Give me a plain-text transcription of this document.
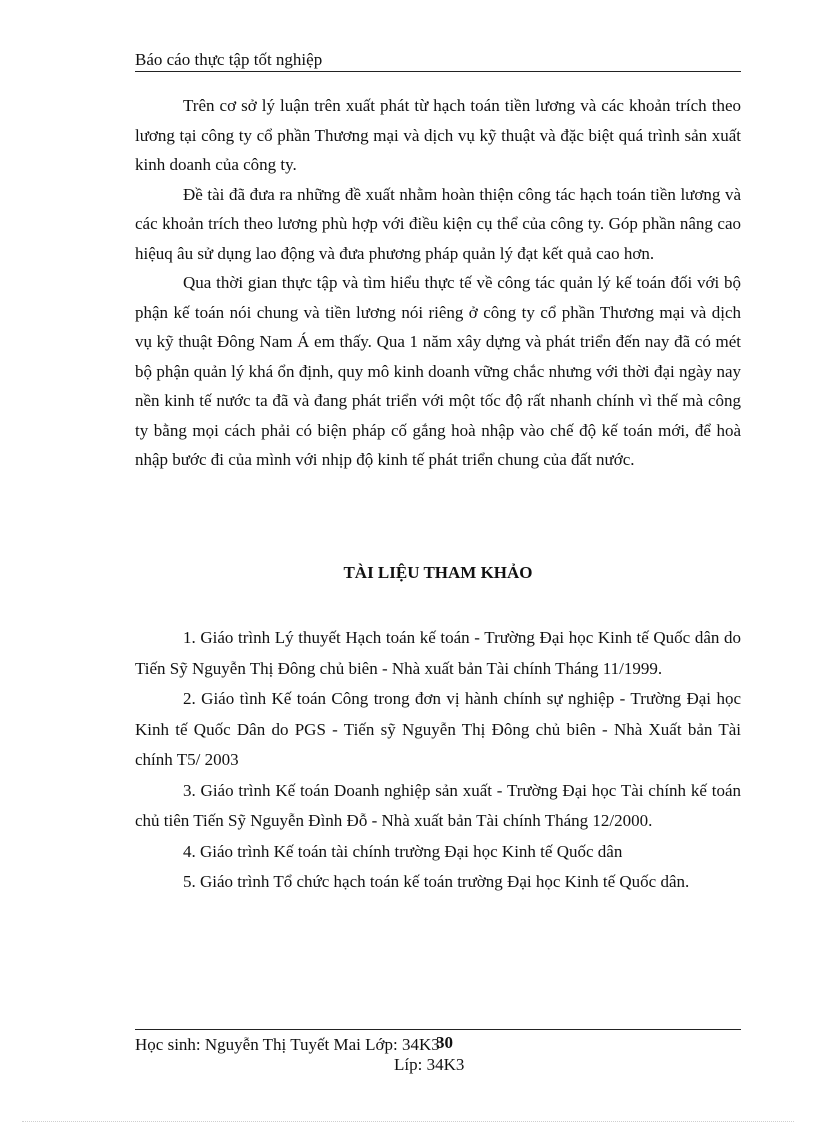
Báo cáo thực tập tốt nghiệp

Trên cơ sở lý luận trên xuất phát từ hạch toán tiền lương và các khoản trích theo lương tại công ty cổ phần Thương mại và dịch vụ kỹ thuật và đặc biệt quá trình sản xuất kinh doanh của công ty.

Đề tài đã đưa ra những đề xuất nhằm hoàn thiện công tác hạch toán tiền lương và các khoản trích theo lương phù hợp với điều kiện cụ thể của công ty. Góp phần nâng cao hiệuq âu sử dụng lao động và đưa phương pháp quản lý đạt kết quả cao hơn.

Qua thời gian thực tập và tìm hiểu thực tế về công tác quản lý kế toán đối với bộ phận kế toán nói chung và tiền lương nói riêng ở công ty cổ phần Thương mại và dịch vụ kỹ thuật Đông Nam Á em thấy. Qua 1 năm xây dựng và phát triển đến nay đã có mét bộ phận quản lý khá ổn định, quy mô kinh doanh vững chắc nhưng với thời đại ngày nay nền kinh tế nước ta đã và đang phát triển với một tốc độ rất nhanh chính vì thế mà công ty bằng mọi cách phải có biện pháp cố gắng hoà nhập vào chế độ kế toán mới, để hoà nhập bước đi của mình với nhịp độ kinh tế phát triển chung của đất nước.

TÀI LIỆU THAM KHẢO

1. Giáo trình Lý thuyết Hạch toán kế toán - Trường Đại học Kinh tế Quốc dân do Tiến Sỹ Nguyễn Thị Đông chủ biên - Nhà xuất bản Tài chính Tháng 11/1999.

2. Giáo tình Kế toán Công trong đơn vị hành chính sự nghiệp - Trường Đại học Kinh tế Quốc Dân do PGS - Tiến sỹ Nguyễn Thị Đông chủ biên - Nhà Xuất bản Tài chính T5/ 2003

3. Giáo trình Kế toán Doanh nghiệp sản xuất - Trường Đại học Tài chính kế toán chủ tiên Tiến Sỹ Nguyễn Đình Đỗ - Nhà xuất bản Tài chính Tháng 12/2000.

4. Giáo trình Kế toán tài chính trường Đại học Kinh tế Quốc dân

5. Giáo trình Tổ chức hạch toán kế toán trường Đại học Kinh tế Quốc dân.

Học sinh: Nguyễn Thị Tuyết Mai Lớp: 34K3
30
Líp: 34K3
